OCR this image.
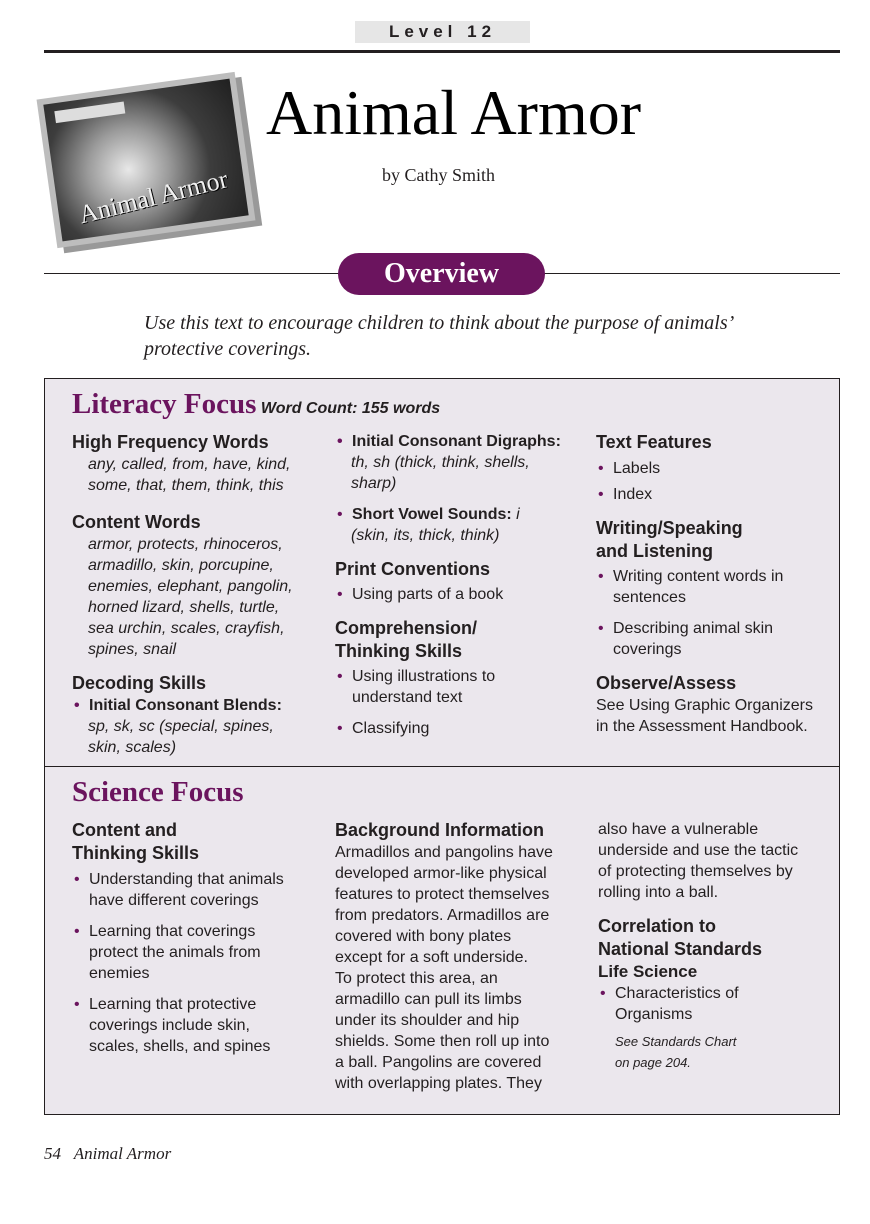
Level 12
Animal Armor
Animal Armor
by Cathy Smith
Overview
Use this text to encourage children to think about the purpose of animals’
protective coverings.
Literacy Focus Word Count: 155 words
High Frequency Words
any, called, from, have, kind,
some, that, them, think, this
Content Words
armor, protects, rhinoceros,
armadillo, skin, porcupine,
enemies, elephant, pangolin,
horned lizard, shells, turtle,
sea urchin, scales, crayfish,
spines, snail
Decoding Skills
• Initial Consonant Blends:
sp, sk, sc (special, spines,
skin, scales)
• Initial Consonant Digraphs:
th, sh (thick, think, shells,
sharp)
• Short Vowel Sounds: i
(skin, its, thick, think)
Print Conventions
• Using parts of a book
Comprehension/
Thinking Skills
• Using illustrations to
understand text
• Classifying
Text Features
• Labels
• Index
Writing/Speaking
and Listening
• Writing content words in
sentences
• Describing animal skin
coverings
Observe/Assess
See Using Graphic Organizers
in the Assessment Handbook.
Science Focus
Content and
Thinking Skills
• Understanding that animals
have different coverings
• Learning that coverings
protect the animals from
enemies
• Learning that protective
coverings include skin,
scales, shells, and spines
Background Information
Armadillos and pangolins have
developed armor-like physical
features to protect themselves
from predators. Armadillos are
covered with bony plates
except for a soft underside.
To protect this area, an
armadillo can pull its limbs
under its shoulder and hip
shields. Some then roll up into
a ball. Pangolins are covered
with overlapping plates. They
also have a vulnerable
underside and use the tactic
of protecting themselves by
rolling into a ball.
Correlation to
National Standards
Life Science
• Characteristics of
Organisms
See Standards Chart
on page 204.
54 Animal Armor
